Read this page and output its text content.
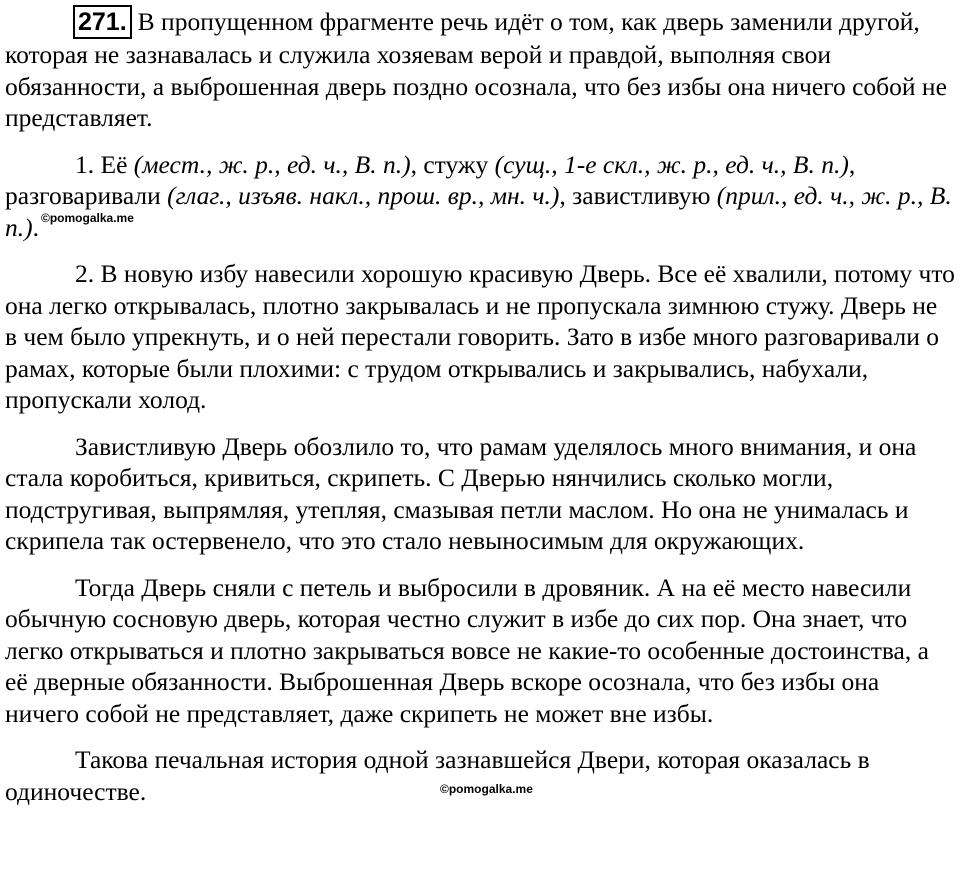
271. В пропущенном фрагменте речь идёт о том, как дверь заменили другой, которая не зазнавалась и служила хозяевам верой и правдой, выполняя свои обязанности, а выброшенная дверь поздно осознала, что без избы она ничего собой не представляет.

1. Её (мест., ж. р., ед. ч., В. п.), стужу (сущ., 1-е скл., ж. р., ед. ч., В. п.), разговаривали (глаг., изъяв. накл., прош. вр., мн. ч.), завистливую (прил., ед. ч., ж. р., В. п.). $^{©pomogalka.me}$

2. В новую избу навесили хорошую красивую Дверь. Все её хвалили, потому что она легко открывалась, плотно закрывалась и не пропускала зимнюю стужу. Дверь не в чем было упрекнуть, и о ней перестали говорить. Зато в избе много разговаривали о рамах, которые были плохими: с трудом открывались и закрывались, набухали, пропускали холод.

Завистливую Дверь обозлило то, что рамам уделялось много внимания, и она стала коробиться, кривиться, скрипеть. С Дверью нянчились сколько могли, подстругивая, выпрямляя, утепляя, смазывая петли маслом. Но она не унималась и скрипела так остервенело, что это стало невыносимым для окружающих.

Тогда Дверь сняли с петель и выбросили в дровяник. А на её место навесили обычную сосновую дверь, которая честно служит в избе до сих пор. Она знает, что легко открываться и плотно закрываться вовсе не какие-то особенные достоинства, а её дверные обязанности. Выброшенная Дверь вскоре осознала, что без избы она ничего собой не представляет, даже скрипеть не может вне избы.

Такова печальная история одной зазнавшейся Двери, которая оказалась в одиночестве.	©pomogalka.me
